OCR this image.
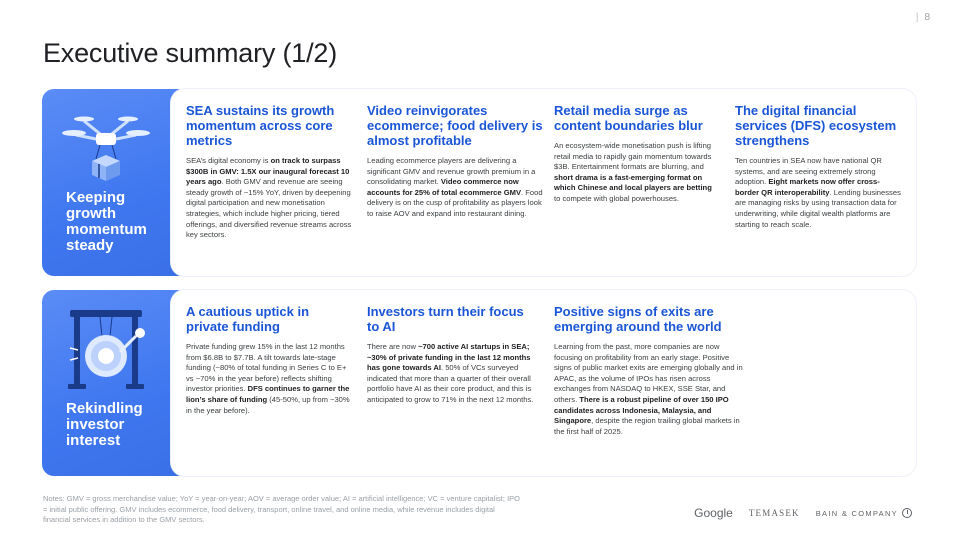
| 8
Executive summary (1/2)
Keeping growth momentum steady
SEA sustains its growth momentum across core metrics

SEA’s digital economy is on track to surpass $300B in GMV: 1.5X our inaugural forecast 10 years ago. Both GMV and revenue are seeing steady growth of ~15% YoY, driven by deepening digital participation and new monetisation strategies, which include higher pricing, tiered offerings, and diversified revenue streams across key sectors.

Video reinvigorates ecommerce; food delivery is almost profitable

Leading ecommerce players are delivering a significant GMV and revenue growth premium in a consolidating market. Video commerce now accounts for 25% of total ecommerce GMV. Food delivery is on the cusp of profitability as players look to raise AOV and expand into restaurant dining.

Retail media surge as content boundaries blur

An ecosystem-wide monetisation push is lifting retail media to rapidly gain momentum towards $3B. Entertainment formats are blurring, and short drama is a fast-emerging format on which Chinese and local players are betting to compete with global powerhouses.

The digital financial services (DFS) ecosystem strengthens

Ten countries in SEA now have national QR systems, and are seeing extremely strong adoption. Eight markets now offer cross-border QR interoperability. Lending businesses are managing risks by using transaction data for underwriting, while digital wealth platforms are starting to reach scale.

Rekindling investor interest
A cautious uptick in private funding

Private funding grew 15% in the last 12 months from $6.8B to $7.7B. A tilt towards late-stage funding (~80% of total funding in Series C to E+ vs ~70% in the year before) reflects shifting investor priorities. DFS continues to garner the lion’s share of funding (45-50%, up from ~30% in the year before).

Investors turn their focus to AI

There are now ~700 active AI startups in SEA; ~30% of private funding in the last 12 months has gone towards AI. 50% of VCs surveyed indicated that more than a quarter of their overall portfolio have AI as their core product, and this is anticipated to grow to 71% in the next 12 months.

Positive signs of exits are emerging around the world

Learning from the past, more companies are now focusing on profitability from an early stage. Positive signs of public market exits are emerging globally and in APAC, as the volume of IPOs has risen across exchanges from NASDAQ to HKEX, SSE Star, and others. There is a robust pipeline of over 150 IPO candidates across Indonesia, Malaysia, and Singapore, despite the region trailing global markets in the first half of 2025.

Notes: GMV = gross merchandise value; YoY = year-on-year; AOV = average order value; AI = artificial intelligence; VC = venture capitalist; IPO = initial public offering. GMV includes ecommerce, food delivery, transport, online travel, and online media, while revenue includes digital financial services in addition to the GMV sectors.	Google TEMASEK BAIN & COMPANY
